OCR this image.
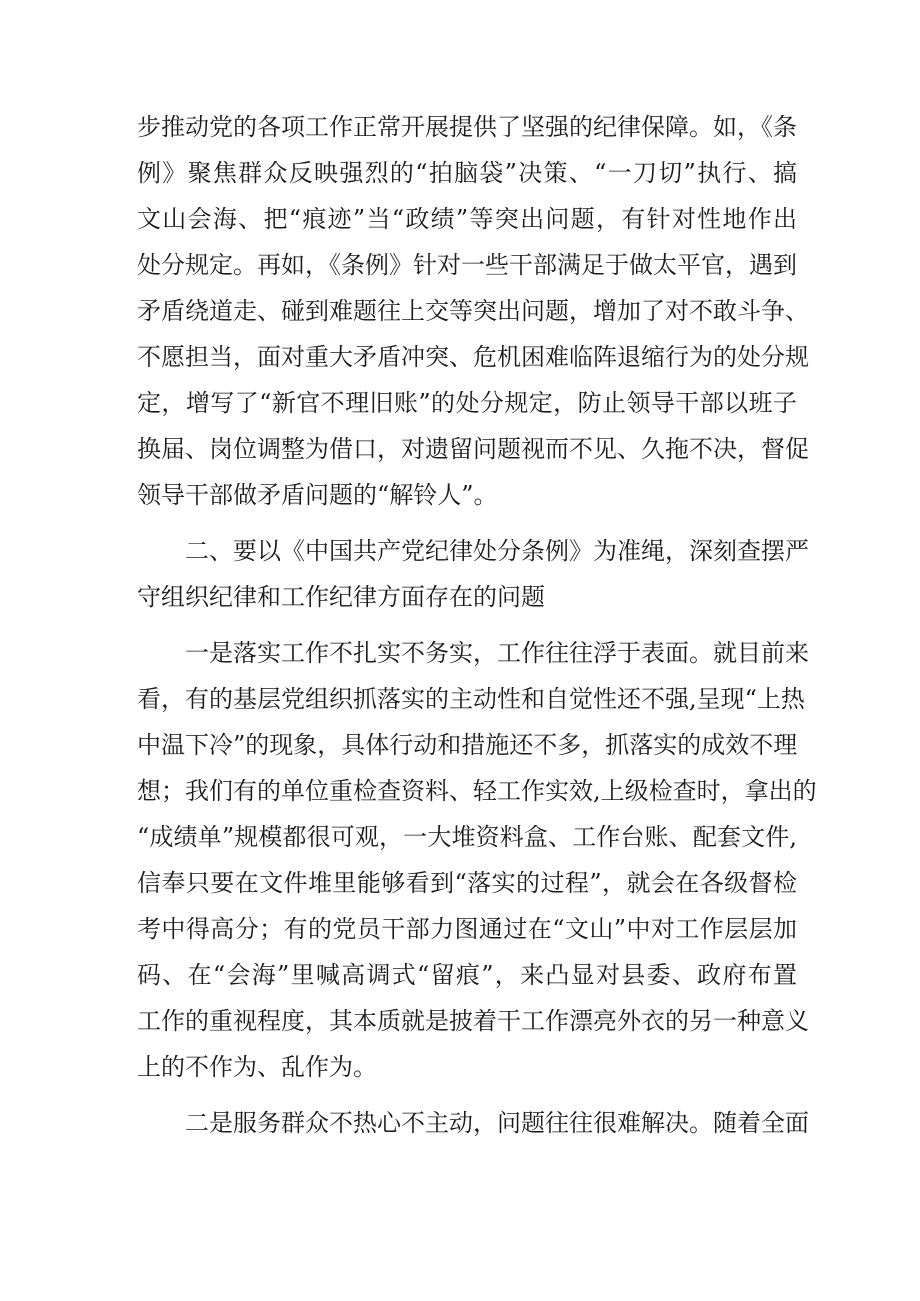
步推动党的各项工作正常开展提供了坚强的纪律保障。如，《条
例》聚焦群众反映强烈的“拍脑袋”决策、“一刀切”执行、搞
文山会海、把“痕迹”当“政绩”等突出问题，有针对性地作出
处分规定。再如，《条例》针对一些干部满足于做太平官，遇到
矛盾绕道走、碰到难题往上交等突出问题，增加了对不敢斗争、
不愿担当，面对重大矛盾冲突、危机困难临阵退缩行为的处分规
定，增写了“新官不理旧账”的处分规定，防止领导干部以班子
换届、岗位调整为借口，对遗留问题视而不见、久拖不决，督促
领导干部做矛盾问题的“解铃人”。
　　二、要以《中国共产党纪律处分条例》为准绳，深刻查摆严
守组织纪律和工作纪律方面存在的问题
　　一是落实工作不扎实不务实，工作往往浮于表面。就目前来
看，有的基层党组织抓落实的主动性和自觉性还不强,呈现“上热
中温下冷”的现象，具体行动和措施还不多，抓落实的成效不理
想；我们有的单位重检查资料、轻工作实效,上级检查时，拿出的
“成绩单”规模都很可观，一大堆资料盒、工作台账、配套文件,
信奉只要在文件堆里能够看到“落实的过程”，就会在各级督检
考中得高分；有的党员干部力图通过在“文山”中对工作层层加
码、在“会海”里喊高调式“留痕”，来凸显对县委、政府布置
工作的重视程度，其本质就是披着干工作漂亮外衣的另一种意义
上的不作为、乱作为。
　　二是服务群众不热心不主动，问题往往很难解决。随着全面
